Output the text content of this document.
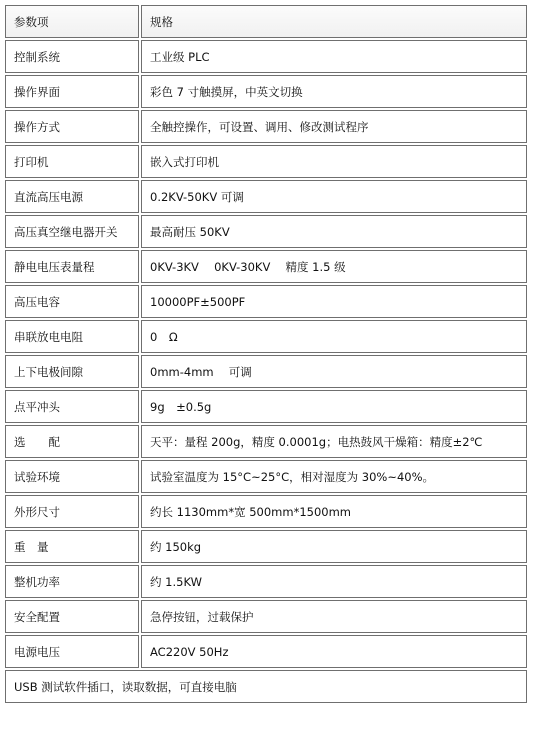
参数项	规格
控制系统	工业级 PLC
操作界面	彩色 7 寸触摸屏，中英文切换
操作方式	全触控操作，可设置、调用、修改测试程序
打印机	嵌入式打印机
直流高压电源	0.2KV-50KV 可调
高压真空继电器开关	最高耐压 50KV
静电电压表量程	0KV-3KV　 0KV-30KV　 精度 1.5 级
高压电容	10000PF±500PF
串联放电电阻	0　Ω
上下电极间隙	0mm-4mm　 可调
点平冲头	9g　±0.5g
选　　配	天平：量程 200g，精度 0.0001g；电热鼓风干燥箱：精度±2℃
试验环境	试验室温度为 15°C~25°C，相对湿度为 30%~40%。
外形尺寸	约长 1130mm*宽 500mm*1500mm
重　量	约 150kg
整机功率	约 1.5KW
安全配置	急停按钮，过载保护
电源电压	AC220V 50Hz
USB 测试软件插口，读取数据，可直接电脑	
